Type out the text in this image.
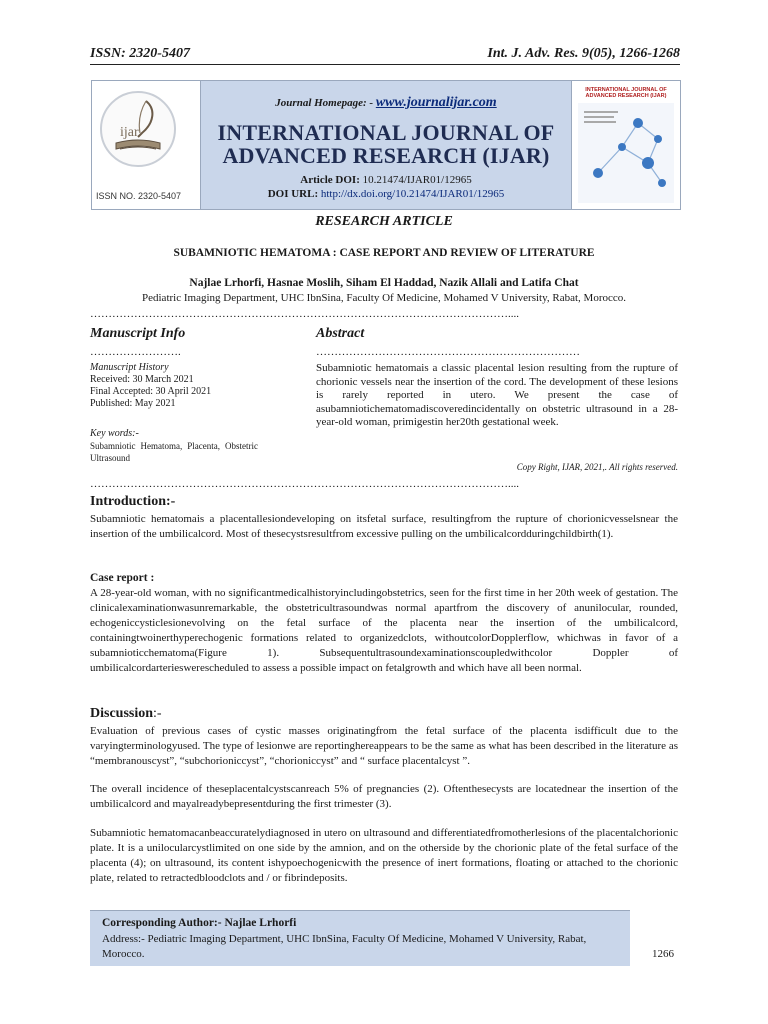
ISSN: 2320-5407	Int. J. Adv. Res. 9(05), 1266-1268
ijar
ISSN NO. 2320-5407
Journal Homepage: - www.journalijar.com
INTERNATIONAL JOURNAL OF ADVANCED RESEARCH (IJAR)
Article DOI: 10.21474/IJAR01/12965
DOI URL: http://dx.doi.org/10.21474/IJAR01/12965
INTERNATIONAL JOURNAL OF ADVANCED RESEARCH (IJAR)
RESEARCH ARTICLE
SUBAMNIOTIC HEMATOMA : CASE REPORT AND REVIEW OF LITERATURE
Najlae Lrhorfi, Hasnae Moslih, Siham El Haddad, Nazik Allali and Latifa Chat
Pediatric Imaging Department, UHC IbnSina, Faculty Of Medicine, Mohamed V University, Rabat, Morocco.
……………………………………………………………………………………………………....
Manuscript Info	Abstract
…………………….	………………………………………………………………
Manuscript History
Received: 30 March 2021
Final Accepted: 30 April 2021
Published: May 2021
Key words:-
Subamniotic Hematoma, Placenta, Obstetric Ultrasound
Subamniotic hematomais a classic placental lesion resulting from the rupture of chorionic vessels near the insertion of the cord. The development of these lesions is rarely reported in utero. We present the case of asubamniotichematomadiscoveredincidentally on obstetric ultrasound in a 28-year-old woman, primigestin her20th gestational week.
Copy Right, IJAR, 2021,. All rights reserved.
……………………………………………………………………………………………………....
Introduction:-
Subamniotic hematomais a placentallesiondeveloping on itsfetal surface, resultingfrom the rupture of chorionicvesselsnear the insertion of the umbilicalcord. Most of thesecystsresultfrom excessive pulling on the umbilicalcordduringchildbirth(1).
Case report :
A 28-year-old woman, with no significantmedicalhistoryincludingobstetrics, seen for the first time in her 20th week of gestation. The clinicalexaminationwasunremarkable, the obstetricultrasoundwas normal apartfrom the discovery of anunilocular, rounded, echogeniccysticlesionevolving on the fetal surface of the placenta near the insertion of the umbilicalcord, containingtwoinerthyperechogenic formations related to organizedclots, withoutcolorDopplerflow, whichwas in favor of a subamnioticchematoma(Figure 1). Subsequentultrasoundexaminationscoupledwithcolor Doppler of umbilicalcordarterieswerescheduled to assess a possible impact on fetalgrowth and which have all been normal.
Discussion:-
Evaluation of previous cases of cystic masses originatingfrom the fetal surface of the placenta isdifficult due to the varyingterminologyused. The type of lesionwe are reportinghereappears to be the same as what has been described in the literature as “membranouscyst”, “subchorioniccyst”, “chorioniccyst” and “ surface placentalcyst ”.
The overall incidence of theseplacentalcystscanreach 5% of pregnancies (2). Oftenthesecysts are locatednear the insertion of the umbilicalcord and mayalreadybepresentduring the first trimester (3).
Subamniotic hematomacanbeaccuratelydiagnosed in utero on ultrasound and differentiatedfromotherlesions of the placentalchorionic plate. It is a unilocularcystlimited on one side by the amnion, and on the otherside by the chorionic plate of the fetal surface of the placenta (4); on ultrasound, its content ishypoechogenicwith the presence of inert formations, floating or attached to the chorionic plate, related to retractedbloodclots and / or fibrindeposits.
Corresponding Author:- Najlae Lrhorfi
Address:- Pediatric Imaging Department, UHC IbnSina, Faculty Of Medicine, Mohamed V University, Rabat, Morocco.	1266
